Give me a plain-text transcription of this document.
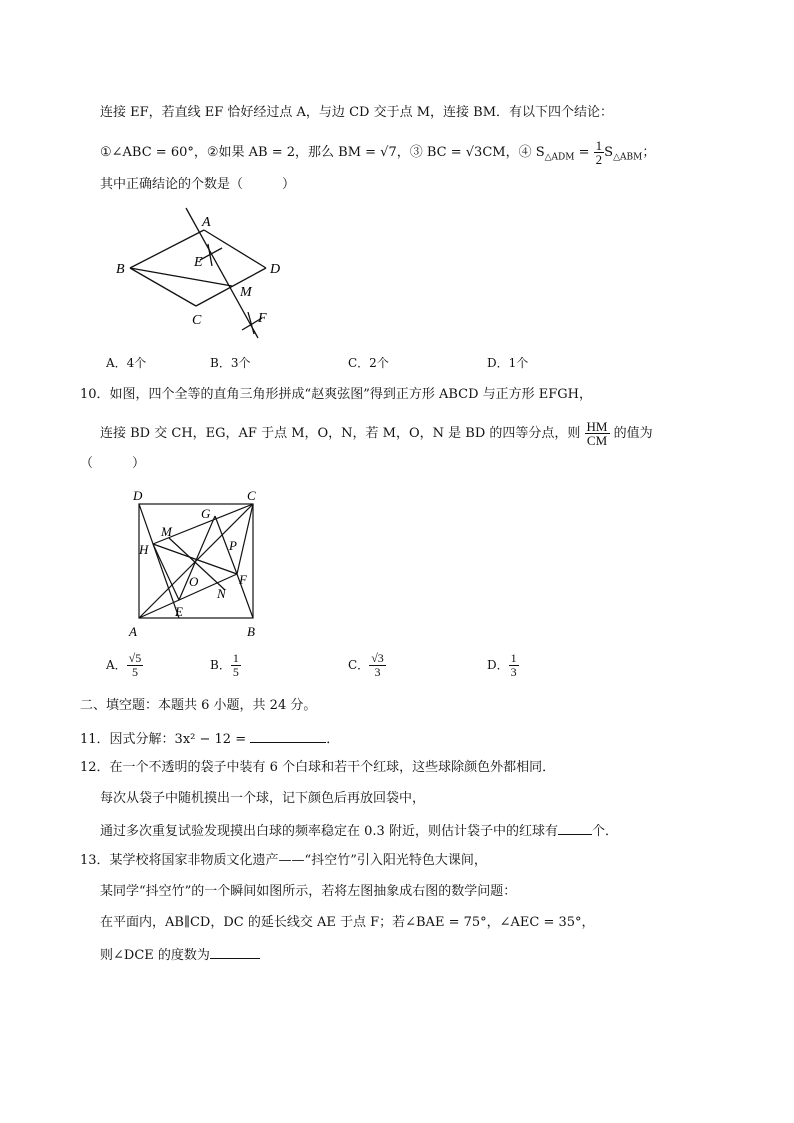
连接 EF，若直线 EF 恰好经过点 A，与边 CD 交于点 M，连接 BM．有以下四个结论：
①∠ABC = 60°，②如果 AB = 2，那么 BM = √7，③ BC = √3CM，④ $S_{\triangle ADM} = \frac{1}{2} S_{\triangle ABM}$；
其中正确结论的个数是（　　　）
A
B
C
D
E
M
F
A．4个	B．3个	C．2个	D．1个
10．如图，四个全等的直角三角形拼成“赵爽弦图”得到正方形 ABCD 与正方形 EFGH，
连接 BD 交 CH，EG，AF 于点 M，O，N，若 M，O，N 是 BD 的四等分点，则 $\frac{HM}{CM}$ 的值为
（　　　）
D	C
A	B
G
M
H	P
O	F
N
E
A． $\frac{√5}{5}$	B． $\frac{1}{5}$	C． $\frac{√3}{3}$	D． $\frac{1}{3}$
二、填空题：本题共 6 小题，共 24 分。
11．因式分解：3x² − 12 =	．
12．在一个不透明的袋子中装有 6 个白球和若干个红球，这些球除颜色外都相同．
每次从袋子中随机摸出一个球，记下颜色后再放回袋中，
通过多次重复试验发现摸出白球的频率稳定在 0.3 附近，则估计袋子中的红球有	个．
13．某学校将国家非物质文化遗产——“抖空竹”引入阳光特色大课间，
某同学“抖空竹”的一个瞬间如图所示，若将左图抽象成右图的数学问题：
在平面内，AB∥CD，DC 的延长线交 AE 于点 F；若∠BAE = 75°，∠AEC = 35°，
则∠DCE 的度数为
